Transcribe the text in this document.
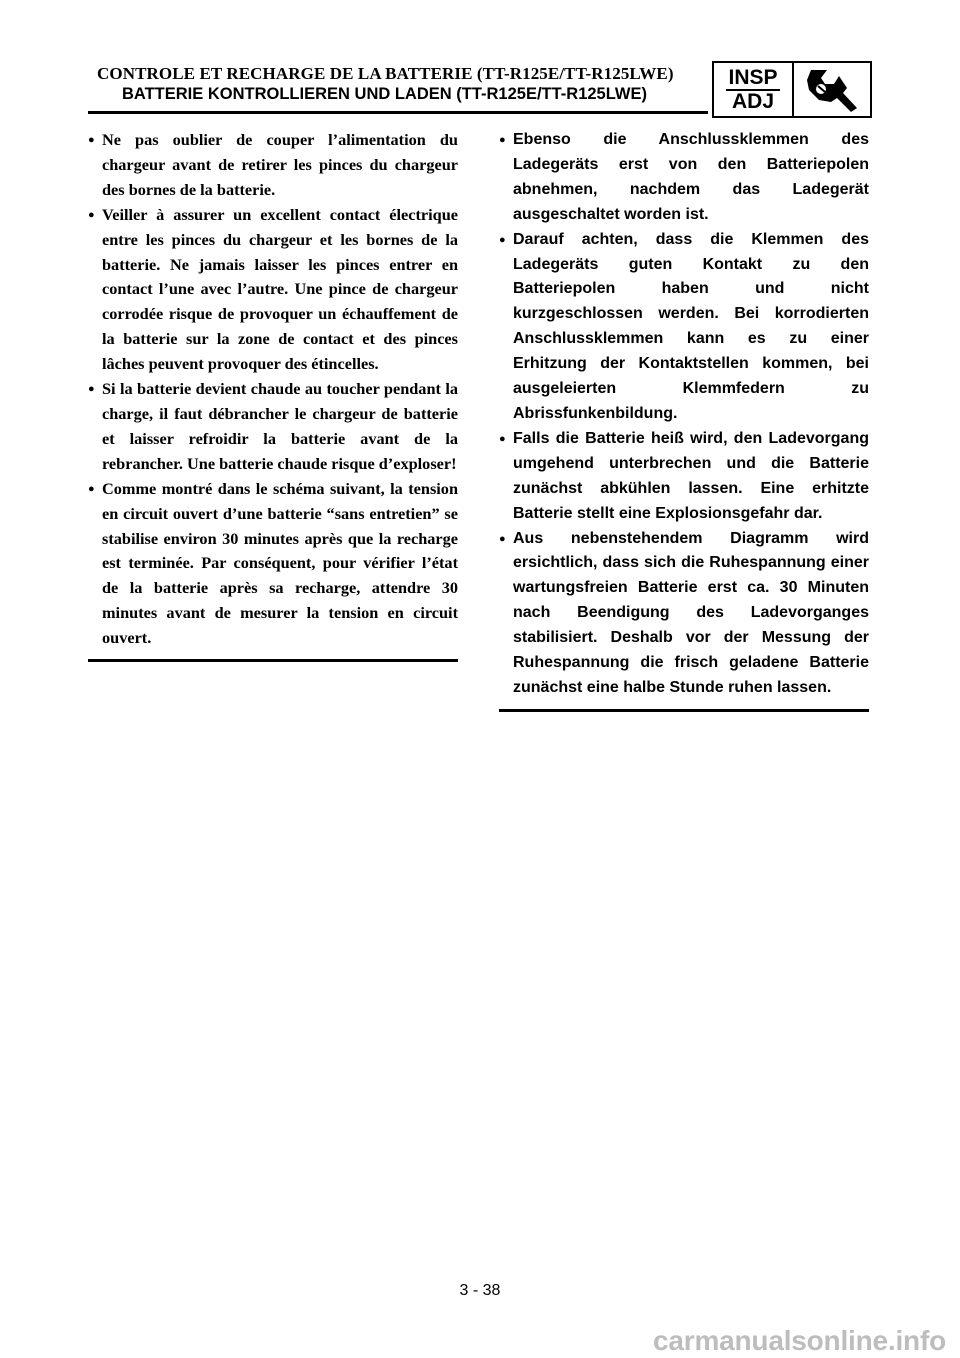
CONTROLE ET RECHARGE DE LA BATTERIE (TT-R125E/TT-R125LWE)
BATTERIE KONTROLLIEREN UND LADEN (TT-R125E/TT-R125LWE)
INSP
ADJ
● Ne pas oublier de couper l’alimentation du chargeur avant de retirer les pinces du chargeur des bornes de la batterie.
● Veiller à assurer un excellent contact électrique entre les pinces du chargeur et les bornes de la batterie. Ne jamais laisser les pinces entrer en contact l’une avec l’autre. Une pince de chargeur corrodée risque de provoquer un échauffement de la batterie sur la zone de contact et des pinces lâches peuvent provoquer des étincelles.
● Si la batterie devient chaude au toucher pendant la charge, il faut débrancher le chargeur de batterie et laisser refroidir la batterie avant de la rebrancher. Une batterie chaude risque d’exploser!
● Comme montré dans le schéma suivant, la tension en circuit ouvert d’une batterie “sans entretien” se stabilise environ 30 minutes après que la recharge est terminée. Par conséquent, pour vérifier l’état de la batterie après sa recharge, attendre 30 minutes avant de mesurer la tension en circuit ouvert.
● Ebenso die Anschlussklemmen des Ladegeräts erst von den Batteriepolen abnehmen, nachdem das Ladegerät ausgeschaltet worden ist.
● Darauf achten, dass die Klemmen des Ladegeräts guten Kontakt zu den Batteriepolen haben und nicht kurzgeschlossen werden. Bei korrodierten Anschlussklemmen kann es zu einer Erhitzung der Kontaktstellen kommen, bei ausgeleierten Klemmfedern zu Abrissfunkenbildung.
● Falls die Batterie heiß wird, den Ladevorgang umgehend unterbrechen und die Batterie zunächst abkühlen lassen. Eine erhitzte Batterie stellt eine Explosionsgefahr dar.
● Aus nebenstehendem Diagramm wird ersichtlich, dass sich die Ruhespannung einer wartungsfreien Batterie erst ca. 30 Minuten nach Beendigung des Ladevorganges stabilisiert. Deshalb vor der Messung der Ruhespannung die frisch geladene Batterie zunächst eine halbe Stunde ruhen lassen.
3 - 38
carmanualsonline.info
